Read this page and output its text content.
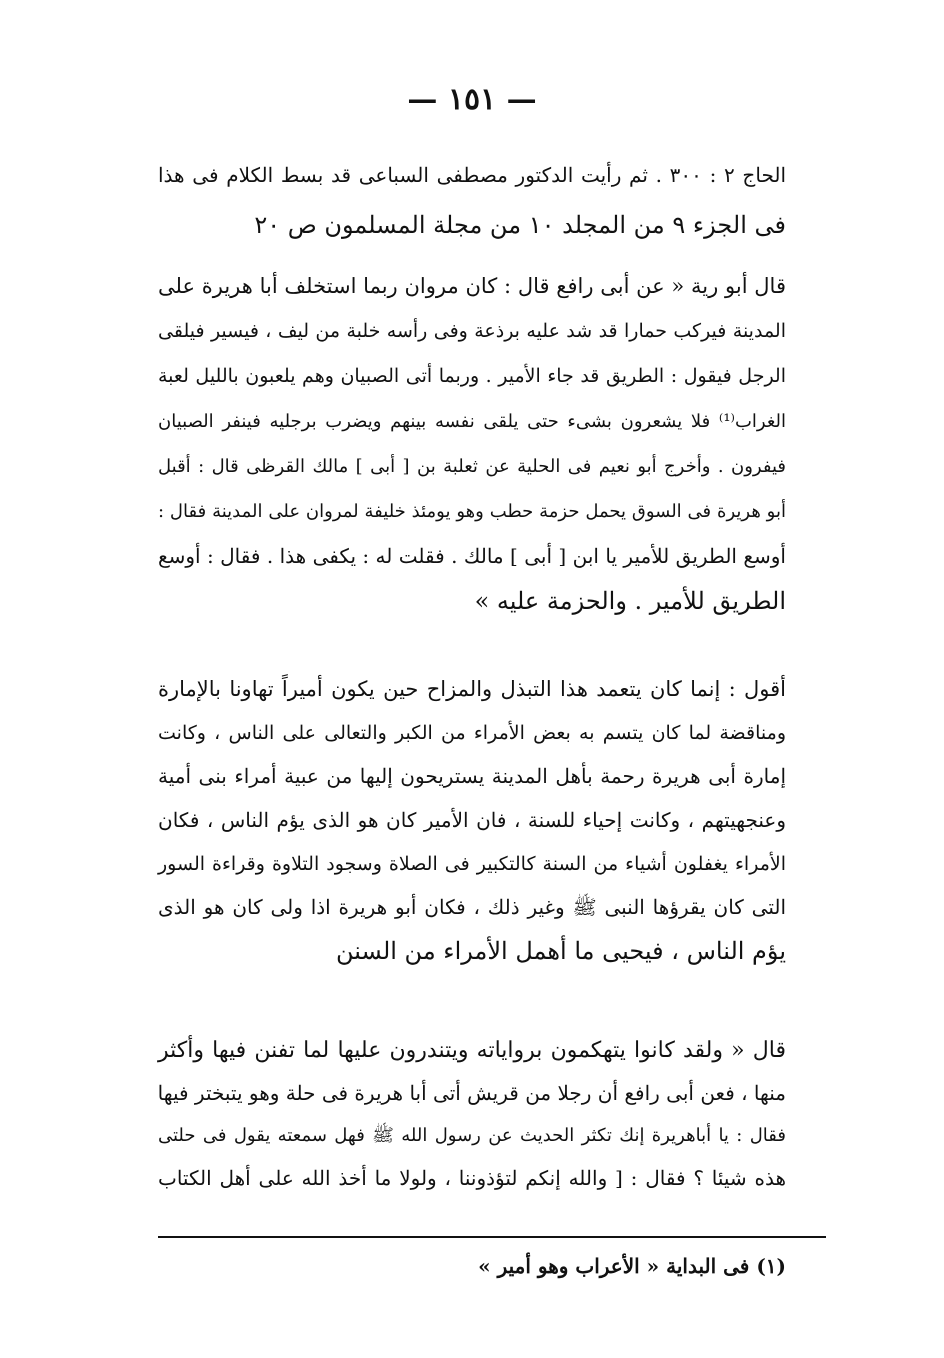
— ١٥١ —
الحاج ٢ : ٣٠٠ . ثم رأيت الدكتور مصطفى السباعى قد بسط الكلام فى هذا
فى الجزء ٩ من المجلد ١٠ من مجلة المسلمون ص ٢٠
قال أبو رية « عن أبى رافع قال : كان مروان ربما استخلف أبا هريرة على
المدينة فيركب حمارا قد شد عليه برذعة وفى رأسه خلبة من ليف ، فيسير فيلقى
الرجل فيقول : الطريق قد جاء الأمير . وربما أتى الصبيان وهم يلعبون بالليل لعبة
الغراب⁽¹⁾ فلا يشعرون بشىء حتى يلقى نفسه بينهم ويضرب برجليه فينفر الصبيان
فيفرون . وأخرج أبو نعيم فى الحلية عن ثعلبة بن [ أبى ] مالك القرظى قال : أقبل
أبو هريرة فى السوق يحمل حزمة حطب وهو يومئذ خليفة لمروان على المدينة فقال :
أوسع الطريق للأمير يا ابن [ أبى ] مالك . فقلت له : يكفى هذا . فقال : أوسع
الطريق للأمير . والحزمة عليه »
أقول : إنما كان يتعمد هذا التبذل والمزاح حين يكون أميراً تهاونا بالإمارة
ومناقضة لما كان يتسم به بعض الأمراء من الكبر والتعالى على الناس ، وكانت
إمارة أبى هريرة رحمة بأهل المدينة يستريحون إليها من عبية أمراء بنى أمية
وعنجهيتهم ، وكانت إحياء للسنة ، فان الأمير كان هو الذى يؤم الناس ، فكان
الأمراء يغفلون أشياء من السنة كالتكبير فى الصلاة وسجود التلاوة وقراءة السور
التى كان يقرؤها النبى ﷺ وغير ذلك ، فكان أبو هريرة اذا ولى كان هو الذى
يؤم الناس ، فيحيى ما أهمل الأمراء من السنن
قال « ولقد كانوا يتهكمون برواياته ويتندرون عليها لما تفنن فيها وأكثر
منها ، فعن أبى رافع أن رجلا من قريش أتى أبا هريرة فى حلة وهو يتبختر فيها
فقال : يا أباهريرة إنك تكثر الحديث عن رسول الله ﷺ فهل سمعته يقول فى حلتى
هذه شيئا ؟ فقال : [ والله إنكم لتؤذوننا ، ولولا ما أخذ الله على أهل الكتاب
(١) فى البداية « الأعراب وهو أمير »
